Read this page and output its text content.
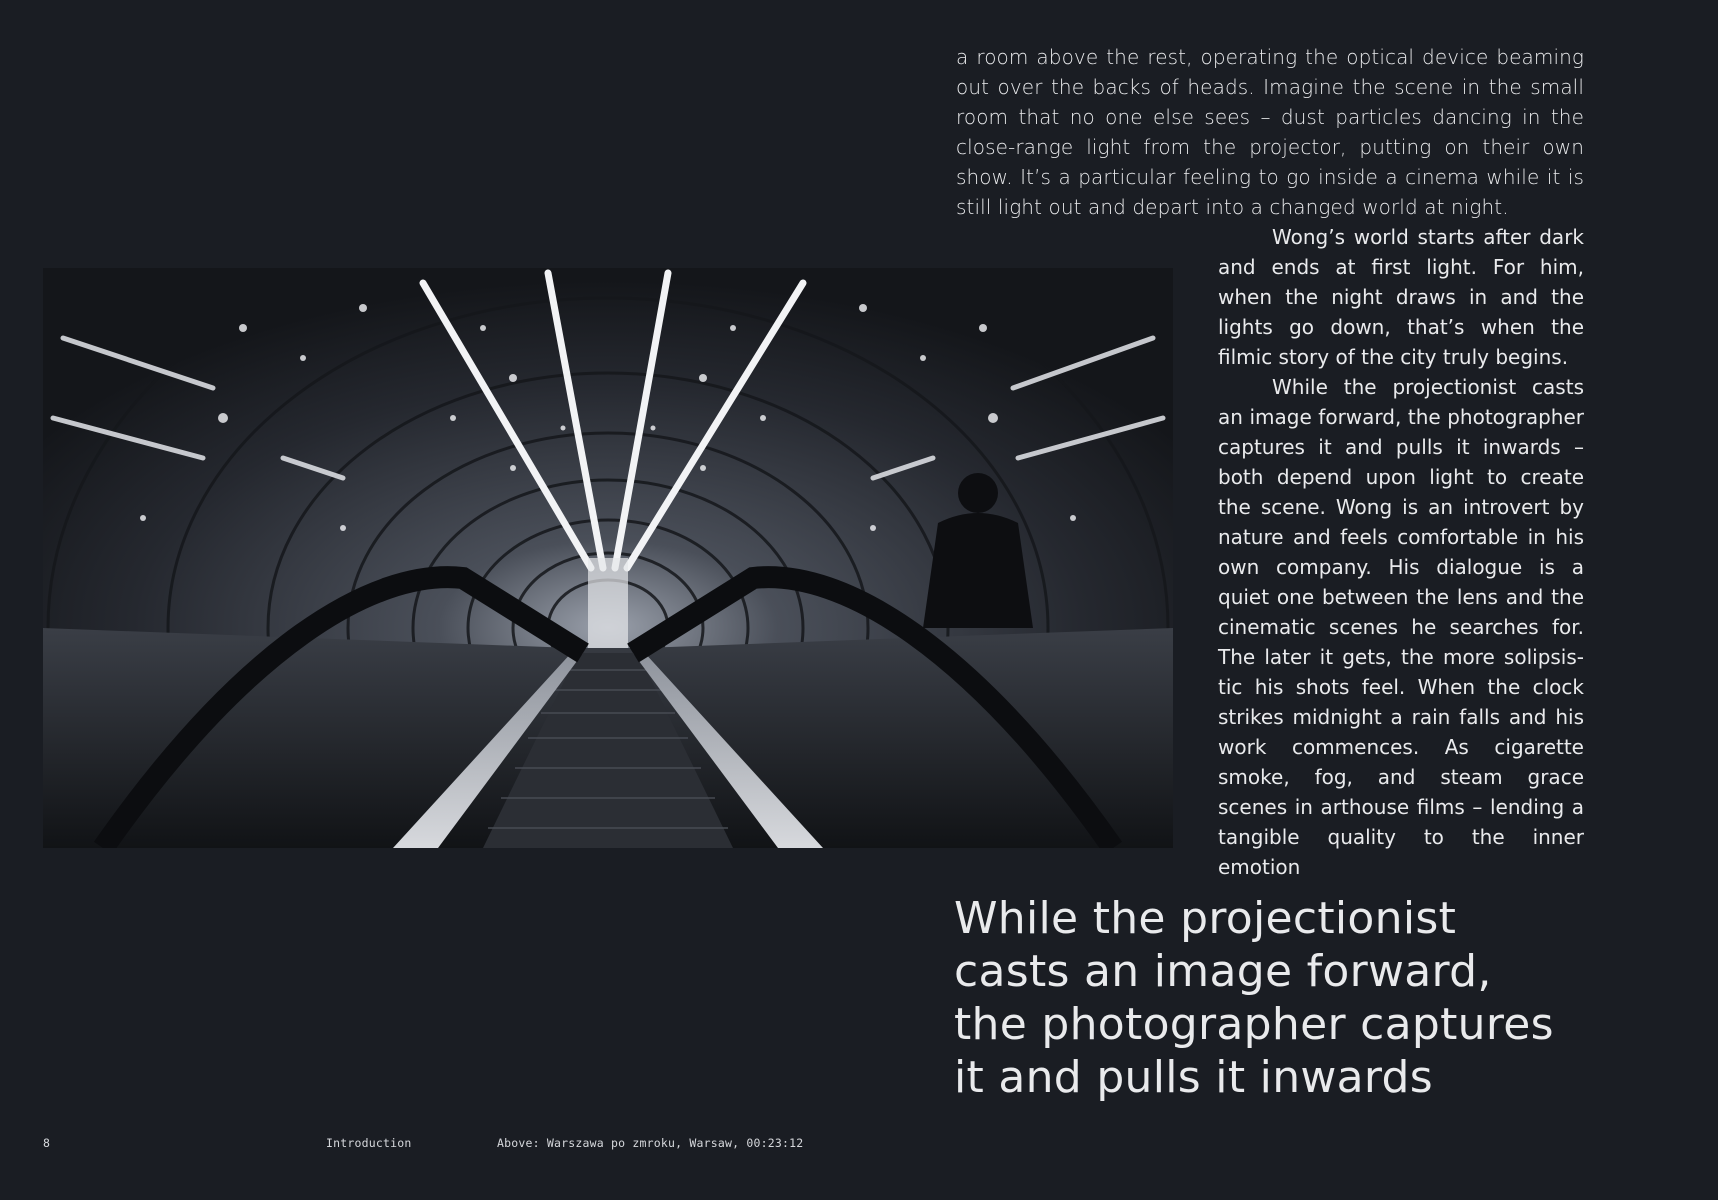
a room above the rest, operating the optical device beaming out over the backs of heads. Imagine the scene in the small room that no one else sees – dust particles dancing in the close-range light from the projector, putting on their own show. It’s a particular feeling to go inside a cinema while it is still light out and depart into a changed world at night.

Wong’s world starts after dark and ends at first light. For him, when the night draws in and the lights go down, that’s when the filmic story of the city truly begins.

While the projectionist casts an image forward, the photographer captures it and pulls it inwards – both depend upon light to create the scene. Wong is an introvert by nature and feels comfortable in his own company. His dialogue is a quiet one between the lens and the cinematic scenes he searches for. The later it gets, the more solipsistic his shots feel. When the clock strikes midnight a rain falls and his work commences. As cigarette smoke, fog, and steam grace scenes in arthouse films – lending a tangible quality to the inner emotion

While the projectionist
casts an image forward,
the photographer captures
it and pulls it inwards
8	Introduction	Above: Warszawa po zmroku, Warsaw, 00:23:12
